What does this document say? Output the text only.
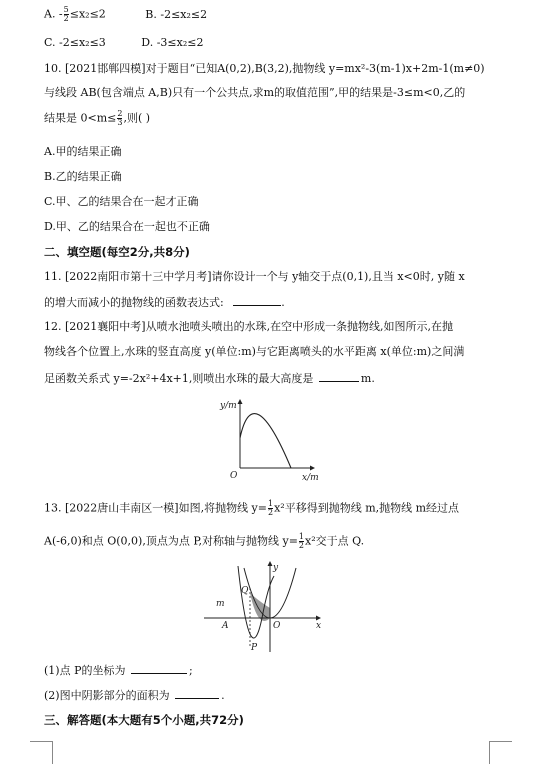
A. - $\frac{5}{2} \le x_2\le 2$	B. -2≤x₂≤2
C. -2≤x₂≤3	D. -3≤x₂≤2
10. [2021邯郸四模]对于题目“已知A(0,2),B(3,2),抛物线 y=mx²-3(m-1)x+2m-1(m≠0)
与线段 AB(包含端点 A,B)只有一个公共点,求m的取值范围”,甲的结果是-3≤m<0,乙的
结果是 $0<m\le \frac{2}{3}$ ,则( )
A.甲的结果正确
B.乙的结果正确
C.甲、乙的结果合在一起才正确
D.甲、乙的结果合在一起也不正确
二、填空题(每空2分,共8分)
11. [2022南阳市第十三中学月考]请你设计一个与 y轴交于点(0,1),且当 x<0时, y随 x
的增大而减小的抛物线的函数表达式:	.
12. [2021襄阳中考]从喷水池喷头喷出的水珠,在空中形成一条抛物线,如图所示,在抛
物线各个位置上,水珠的竖直高度 y(单位:m)与它距离喷头的水平距离 x(单位:m)之间满
足函数关系式 y=-2x²+4x+1,则喷出水珠的最大高度是	m.
y/m
x/m
O
13. [2022唐山丰南区一模]如图,将抛物线 $y= \frac{1}{2} x^2$平移得到抛物线 m,抛物线 m经过点
A(-6,0)和点 O(0,0),顶点为点 P,对称轴与抛物线 $y= \frac{1}{2} x^2$交于点 Q.
y
x
m
Q
A	O
P
(1)点 P的坐标为	;
(2)图中阴影部分的面积为	.
三、解答题(本大题有5个小题,共72分)
